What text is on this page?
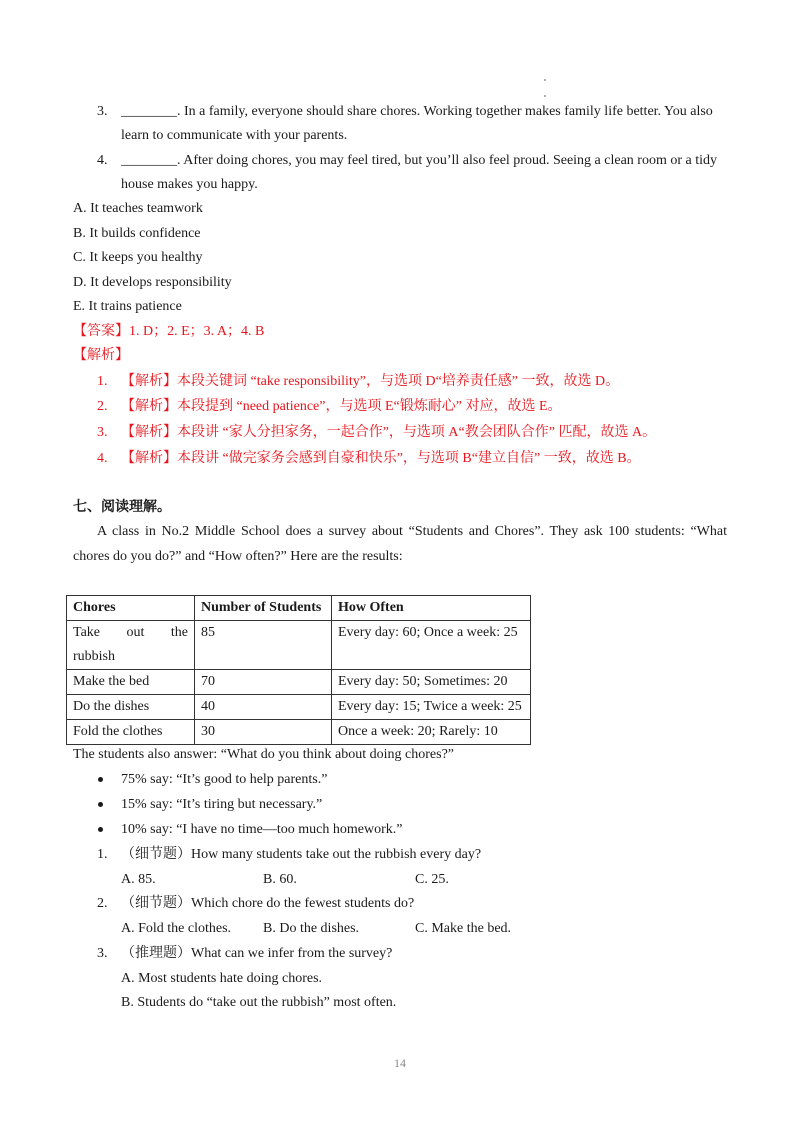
3. ________. In a family, everyone should share chores. Working together makes family life better. You also
learn to communicate with your parents.
4. ________. After doing chores, you may feel tired, but you’ll also feel proud. Seeing a clean room or a tidy
house makes you happy.
A. It teaches teamwork
B. It builds confidence
C. It keeps you healthy
D. It develops responsibility
E. It trains patience
【答案】1. D；2. E；3. A；4. B
【解析】
1. 【解析】本段关键词 “take responsibility”，与选项 D“培养责任感” 一致，故选 D。
2. 【解析】本段提到 “need patience”，与选项 E“锻炼耐心” 对应，故选 E。
3. 【解析】本段讲 “家人分担家务，一起合作”，与选项 A“教会团队合作” 匹配，故选 A。
4. 【解析】本段讲 “做完家务会感到自豪和快乐”，与选项 B“建立自信” 一致，故选 B。
七、阅读理解。
A class in No.2 Middle School does a survey about “Students and Chores”. They ask 100 students: “What
chores do you do?” and “How often?” Here are the results:
Chores	Number of Students	How Often

Take out the
rubbish	85	Every day: 60; Once a week: 25
Make the bed	70	Every day: 50; Sometimes: 20
Do the dishes	40	Every day: 15; Twice a week: 25
Fold the clothes	30	Once a week: 20; Rarely: 10
The students also answer: “What do you think about doing chores?”
75% say: “It’s good to help parents.”
15% say: “It’s tiring but necessary.”
10% say: “I have no time—too much homework.”
1. （细节题）How many students take out the rubbish every day?
A. 85.	B. 60.	C. 25.
2. （细节题）Which chore do the fewest students do?
A. Fold the clothes. B. Do the dishes.	C. Make the bed.
3. （推理题）What can we infer from the survey?
A. Most students hate doing chores.
B. Students do “take out the rubbish” most often.
14
